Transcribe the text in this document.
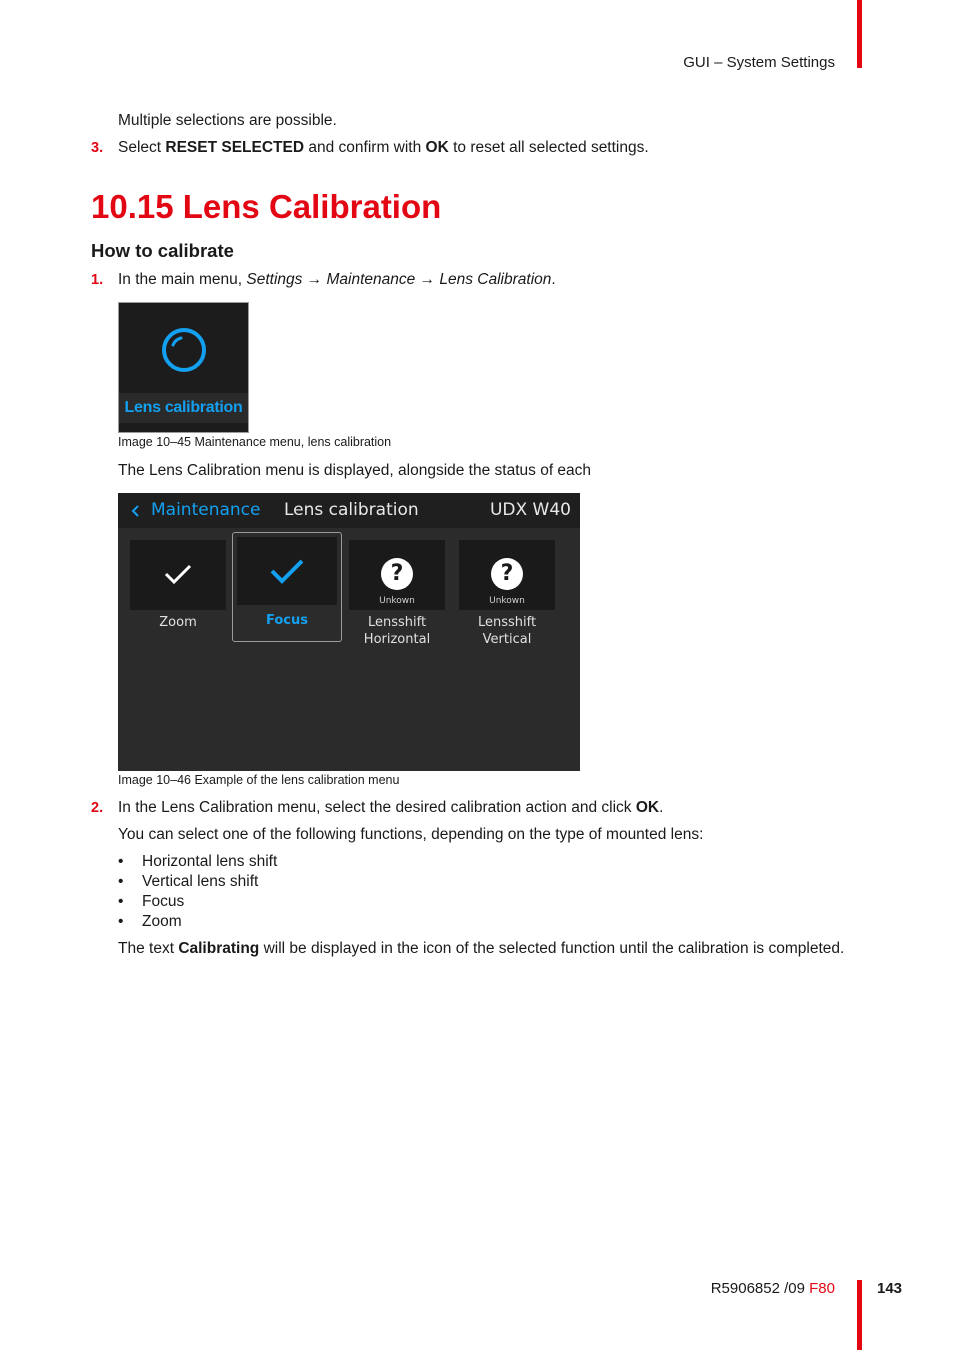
GUI – System Settings
Multiple selections are possible.
3. Select RESET SELECTED and confirm with OK to reset all selected settings.
10.15 Lens Calibration
How to calibrate
1. In the main menu, Settings → Maintenance → Lens Calibration.
Lens calibration
Image 10–45 Maintenance menu, lens calibration
The Lens Calibration menu is displayed, alongside the status of each
Maintenance Lens calibration	UDX W40
Zoom	Focus
?
Unkown
Lensshift
Horizontal
?
Unkown
Lensshift
Vertical
Image 10–46 Example of the lens calibration menu
2. In the Lens Calibration menu, select the desired calibration action and click OK.
You can select one of the following functions, depending on the type of mounted lens:
• Horizontal lens shift
• Vertical lens shift
• Focus
• Zoom
The text Calibrating will be displayed in the icon of the selected function until the calibration is completed.
R5906852 /09 F80	143
